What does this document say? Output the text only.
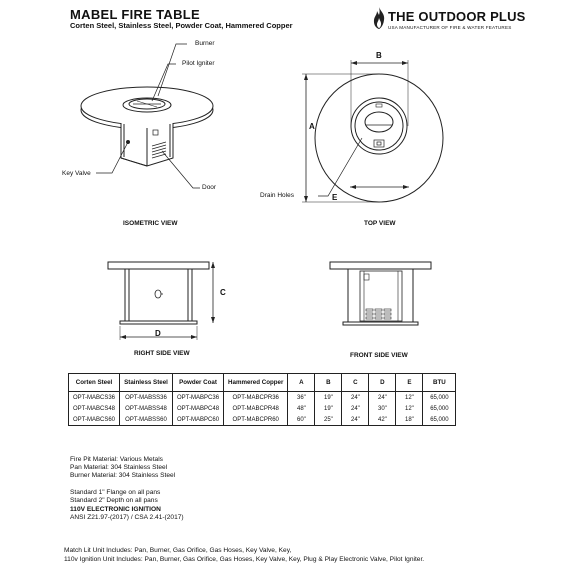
MABEL FIRE TABLE
Corten Steel, Stainless Steel, Powder Coat, Hammered Copper
THE OUTDOOR PLUS
USA MANUFACTURER OF FIRE & WATER FEATURES
Burner
Pilot Igniter
Key Valve
Door
ISOMETRIC VIEW
B
A
E
Drain Holes
TOP VIEW
C
D
RIGHT SIDE VIEW	FRONT SIDE VIEW
Corten Steel	Stainless Steel	Powder Coat	Hammered Copper	A	B	C	D	E	BTU
OPT-MABCS36	OPT-MABSS36	OPT-MABPC36	OPT-MABCPR36	36"	19"	24"	24"	12"	65,000
OPT-MABCS48	OPT-MABSS48	OPT-MABPC48	OPT-MABCPR48	48"	19"	24"	30"	12"	65,000
OPT-MABCS60	OPT-MABSS60	OPT-MABPC60	OPT-MABCPR60	60"	25"	24"	42"	18"	65,000
Fire Pit Material: Various Metals
Pan Material: 304 Stainless Steel
Burner Material: 304 Stainless Steel
Standard 1" Flange on all pans
Standard 2" Depth on all pans
110V ELECTRONIC IGNITION
ANSI Z21.97-(2017) / CSA 2.41-(2017)
Match Lit Unit Includes: Pan, Burner, Gas Orifice, Gas Hoses, Key Valve, Key,
110v Ignition Unit Includes: Pan, Burner, Gas Orifice, Gas Hoses, Key Valve, Key, Plug & Play Electronic Valve, Pilot Igniter.
